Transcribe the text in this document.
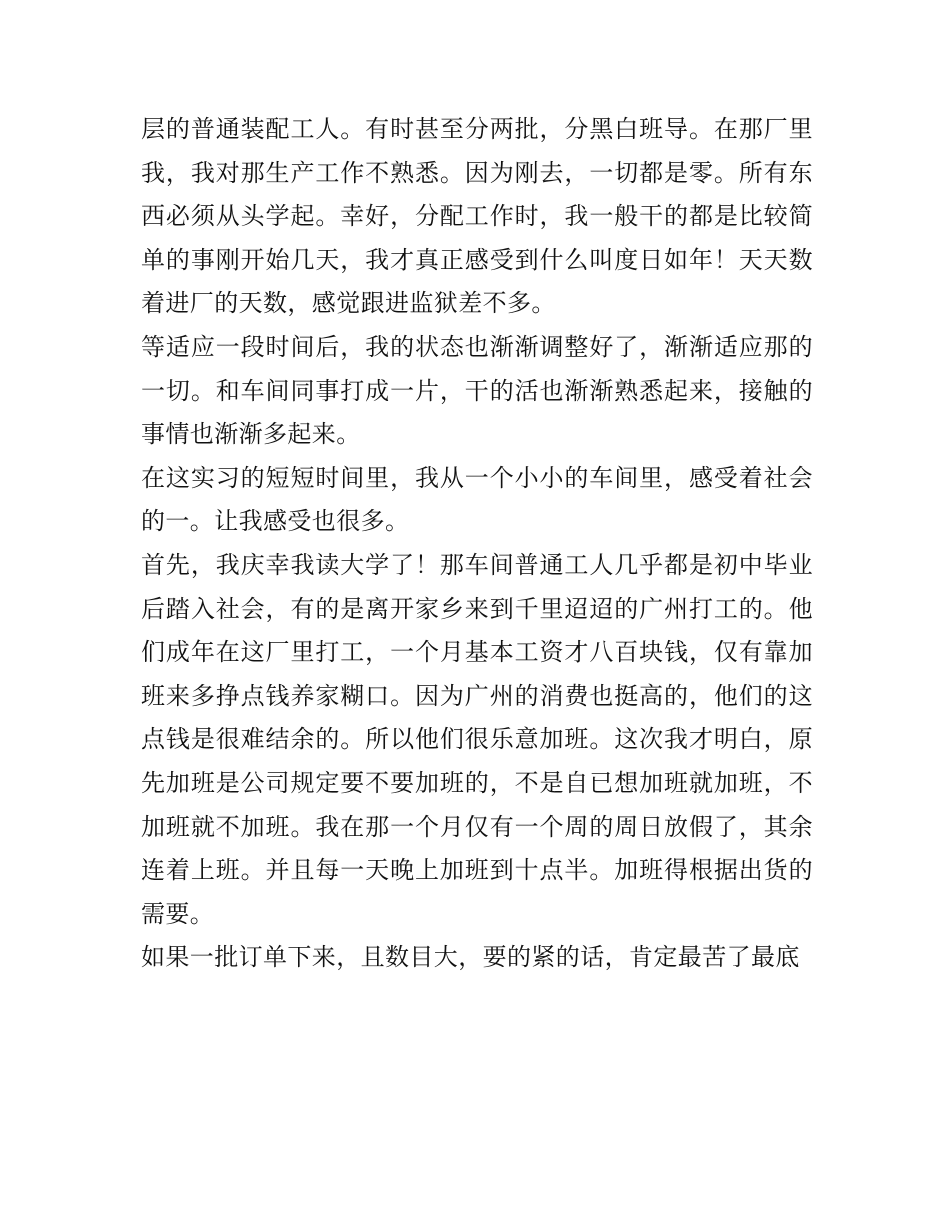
层的普通装配工人。有时甚至分两批，分黑白班导。在那厂里我，我对那生产工作不熟悉。因为刚去，一切都是零。所有东西必须从头学起。幸好，分配工作时，我一般干的都是比较简单的事刚开始几天，我才真正感受到什么叫度日如年！天天数着进厂的天数，感觉跟进监狱差不多。

等适应一段时间后，我的状态也渐渐调整好了，渐渐适应那的一切。和车间同事打成一片，干的活也渐渐熟悉起来，接触的事情也渐渐多起来。

在这实习的短短时间里，我从一个小小的车间里，感受着社会的一。让我感受也很多。

首先，我庆幸我读大学了！那车间普通工人几乎都是初中毕业后踏入社会，有的是离开家乡来到千里迢迢的广州打工的。他们成年在这厂里打工，一个月基本工资才八百块钱，仅有靠加班来多挣点钱养家糊口。因为广州的消费也挺高的，他们的这点钱是很难结余的。所以他们很乐意加班。这次我才明白，原先加班是公司规定要不要加班的，不是自已想加班就加班，不加班就不加班。我在那一个月仅有一个周的周日放假了，其余连着上班。并且每一天晚上加班到十点半。加班得根据出货的需要。

如果一批订单下来，且数目大，要的紧的话，肯定最苦了最底
